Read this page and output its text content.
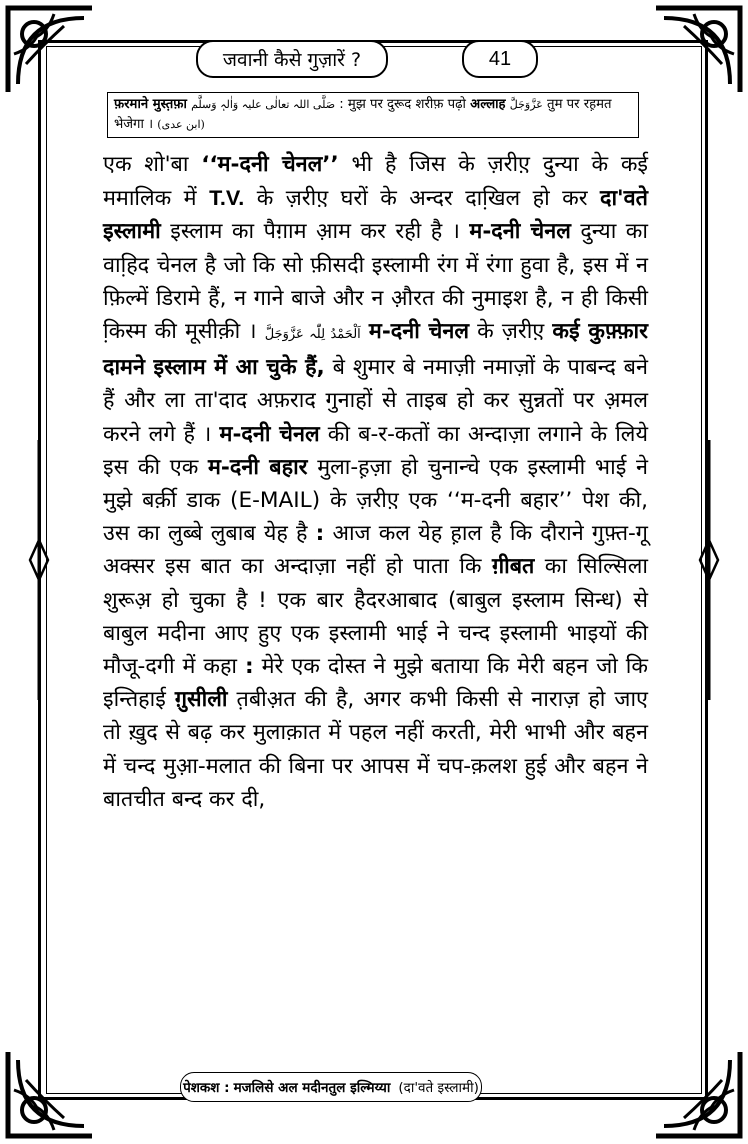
जवानी कैसे गुज़ारें ?	41
फ़रमाने मुस्त़फ़ा صَلَّی اللہ تعالٰی علیہ وَاٰلہٖ وَسلَّم : मुझ पर दुरूद शरीफ़ पढ़ो अल्लाह عَزَّوَجَلَّ तुम पर रह़मत भेजेगा । (ابن عدی)

एक शो'बा ‘‘म-दनी चेनल’’ भी है जिस के ज़रीए़ दुन्या के कई ममालिक में T.V. के ज़रीए़ घरों के अन्दर दाखि़ल हो कर दा'वते इस्लामी इस्लाम का पैग़ाम आ़म कर रही है । म-दनी चेनल दुन्या का वाहि़द चेनल है जो कि सो फ़ीसदी इस्लामी रंग में रंगा हुवा है, इस में न फ़िल्में डिरामे हैं, न गाने बाजे और न औ़रत की नुमाइश है, न ही किसी कि़स्म की मूसीक़ी । اَلْحَمْدُ لِلّٰہ عَزَّوَجَلَّ म-दनी चेनल के ज़रीए़ कई कुफ़्फ़ार दामने इस्लाम में आ चुके हैं, बे शुमार बे नमाज़ी नमाज़ों के पाबन्द बने हैं और ला ता'दाद अफ़राद गुनाहों से ताइब हो कर सुन्नतों पर अ़मल करने लगे हैं । म-दनी चेनल की ब-र-कतों का अन्दाज़ा लगाने के लिये इस की एक म-दनी बहार मुला-ह़ज़ा हो चुनान्चे एक इस्लामी भाई ने मुझे बर्क़ी डाक (E-MAIL) के ज़रीए़ एक ‘‘म-दनी बहार’’ पेश की, उस का लुब्बे लुबाब येह है : आज कल येह ह़ाल है कि दौराने गुफ़्त-गू अक्सर इस बात का अन्दाज़ा नहीं हो पाता कि ग़ीबत का सिल्सिला शुरूअ़ हो चुका है ! एक बार हैदरआबाद (बाबुल इस्लाम सिन्ध) से बाबुल मदीना आए हुए एक इस्लामी भाई ने चन्द इस्लामी भाइयों की मौजू-दगी में कहा : मेरे एक दोस्त ने मुझे बताया कि मेरी बहन जो कि इन्तिहाई ग़ुसीली त़बीअ़त की है, अगर कभी किसी से नाराज़ हो जाए तो ख़ुद से बढ़ कर मुलाक़ात में पहल नहीं करती, मेरी भाभी और बहन में चन्द मुआ़-मलात की बिना पर आपस में चप-क़लश हुई और बहन ने बातचीत बन्द कर दी,

पेशकश : मजलिसे अल मदीनतुल इल्मिय्या (दा'वते इस्लामी)
